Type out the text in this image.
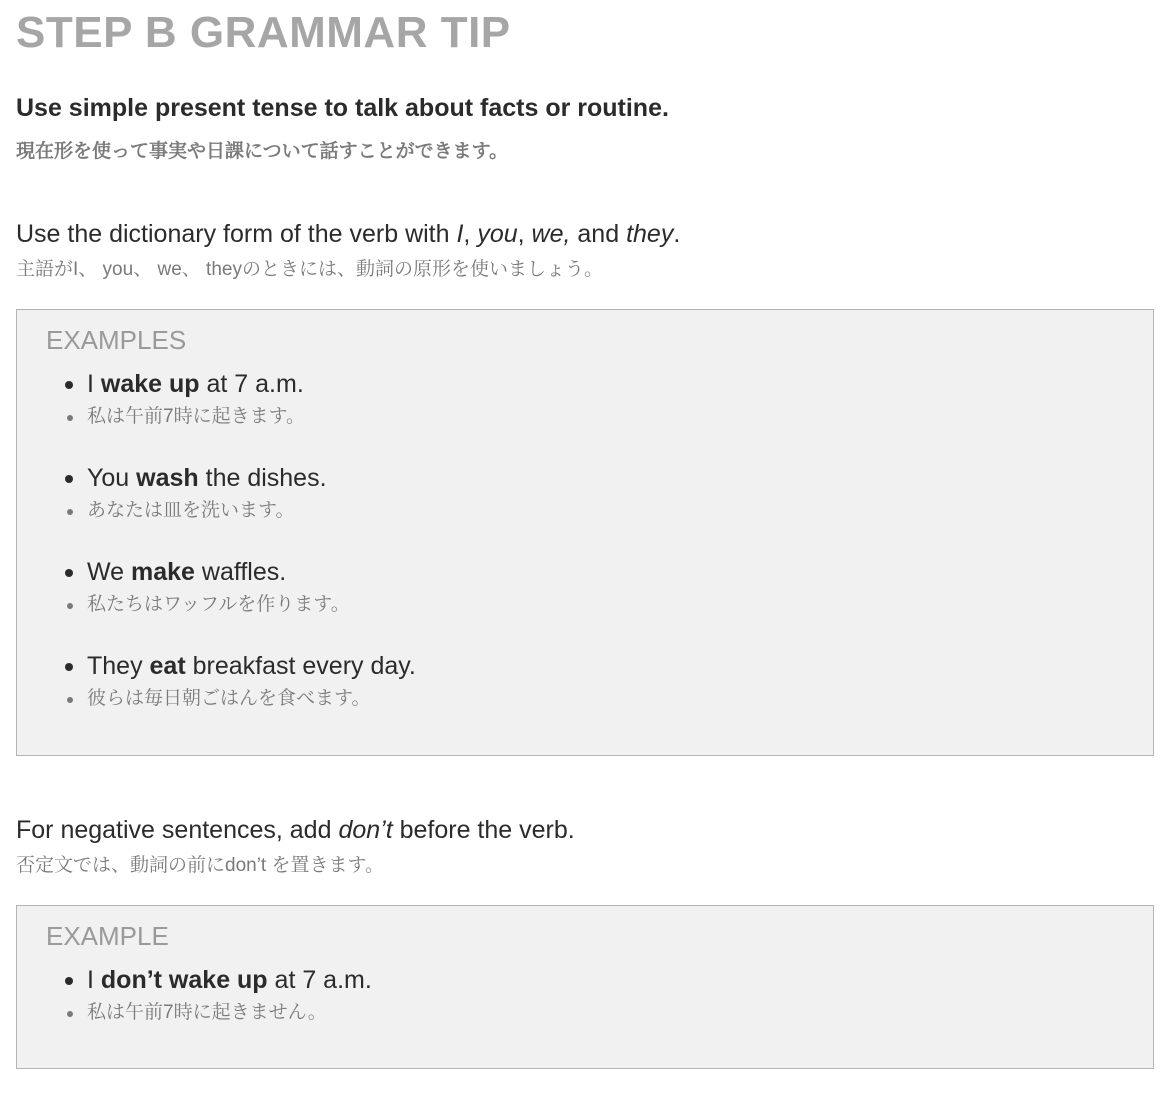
STEP B GRAMMAR TIP

Use simple present tense to talk about facts or routine.

現在形を使って事実や日課について話すことができます。

Use the dictionary form of the verb with I, you, we, and they.

主語がI、 you、 we、 theyのときには、動詞の原形を使いましょう。

EXAMPLES

I wake up at 7 a.m.
私は午前7時に起きます。
You wash the dishes.
あなたは皿を洗います。
We make waffles.
私たちはワッフルを作ります。
They eat breakfast every day.
彼らは毎日朝ごはんを食べます。

For negative sentences, add don’t before the verb.

否定文では、動詞の前にdon’t を置きます。

EXAMPLE

I don’t wake up at 7 a.m.
私は午前7時に起きません。
